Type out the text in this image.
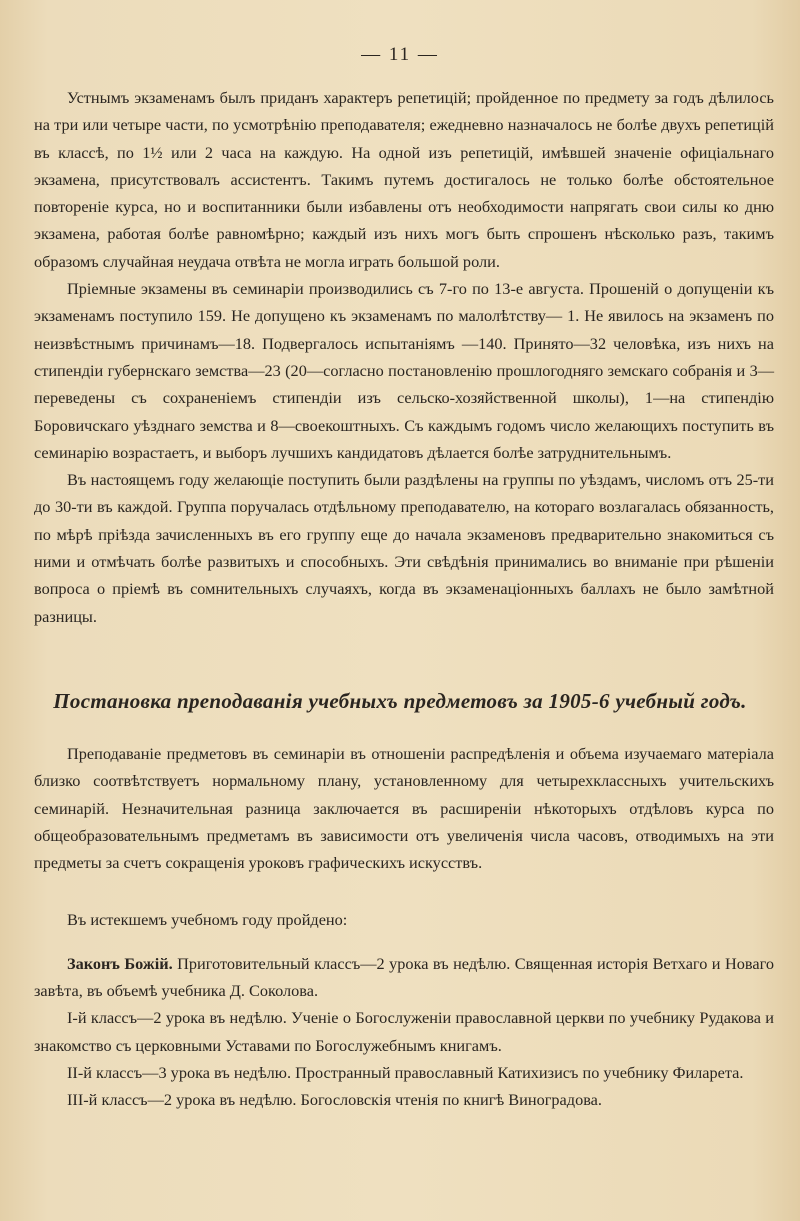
— 11 —

Устнымъ экзаменамъ былъ приданъ характеръ репетицій; пройденное по предмету за годъ дѣлилось на три или четыре части, по усмотрѣнію преподавателя; ежедневно назначалось не болѣе двухъ репетицій въ классѣ, по 1½ или 2 часа на каждую. На одной изъ репетицій, имѣвшей значеніе офиціальнаго экзамена, присутствовалъ ассистентъ. Такимъ путемъ достигалось не только болѣе обстоятельное повтореніе курса, но и воспитанники были избавлены отъ необходимости напрягать свои силы ко дню экзамена, работая болѣе равномѣрно; каждый изъ нихъ могъ быть спрошенъ нѣсколько разъ, такимъ образомъ случайная неудача отвѣта не могла играть большой роли.

Пріемные экзамены въ семинаріи производились съ 7-го по 13-е августа. Прошеній о допущеніи къ экзаменамъ поступило 159. Не допущено къ экзаменамъ по малолѣтству— 1. Не явилось на экзаменъ по неизвѣстнымъ причинамъ—18. Подвергалось испытаніямъ —140. Принято—32 человѣка, изъ нихъ на стипендіи губернскаго земства—23 (20—согласно постановленію прошлогодняго земскаго собранія и 3—переведены съ сохраненіемъ стипендіи изъ сельско-хозяйственной школы), 1—на стипендію Боровичскаго уѣзднаго земства и 8—своекоштныхъ. Съ каждымъ годомъ число желающихъ поступить въ семинарію возрастаетъ, и выборъ лучшихъ кандидатовъ дѣлается болѣе затруднительнымъ.

Въ настоящемъ году желающіе поступить были раздѣлены на группы по уѣздамъ, числомъ отъ 25-ти до 30-ти въ каждой. Группа поручалась отдѣльному преподавателю, на котораго возлагалась обязанность, по мѣрѣ пріѣзда зачисленныхъ въ его группу еще до начала экзаменовъ предварительно знакомиться съ ними и отмѣчать болѣе развитыхъ и способныхъ. Эти свѣдѣнія принимались во вниманіе при рѣшеніи вопроса о пріемѣ въ сомнительныхъ случаяхъ, когда въ экзаменаціонныхъ баллахъ не было замѣтной разницы.

Постановка преподаванія учебныхъ предметовъ за 1905-6 учебный годъ.

Преподаваніе предметовъ въ семинаріи въ отношеніи распредѣленія и объема изучаемаго матеріала близко соотвѣтствуетъ нормальному плану, установленному для четырехклассныхъ учительскихъ семинарій. Незначительная разница заключается въ расширеніи нѣкоторыхъ отдѣловъ курса по общеобразовательнымъ предметамъ въ зависимости отъ увеличенія числа часовъ, отводимыхъ на эти предметы за счетъ сокращенія уроковъ графическихъ искусствъ.

Въ истекшемъ учебномъ году пройдено:

Законъ Божій. Приготовительный классъ—2 урока въ недѣлю. Священная исторія Ветхаго и Новаго завѣта, въ объемѣ учебника Д. Соколова.

I-й классъ—2 урока въ недѣлю. Ученіе о Богослуженіи православной церкви по учебнику Рудакова и знакомство съ церковными Уставами по Богослужебнымъ книгамъ.

II-й классъ—3 урока въ недѣлю. Пространный православный Катихизисъ по учебнику Филарета.

III-й классъ—2 урока въ недѣлю. Богословскія чтенія по книгѣ Виноградова.
